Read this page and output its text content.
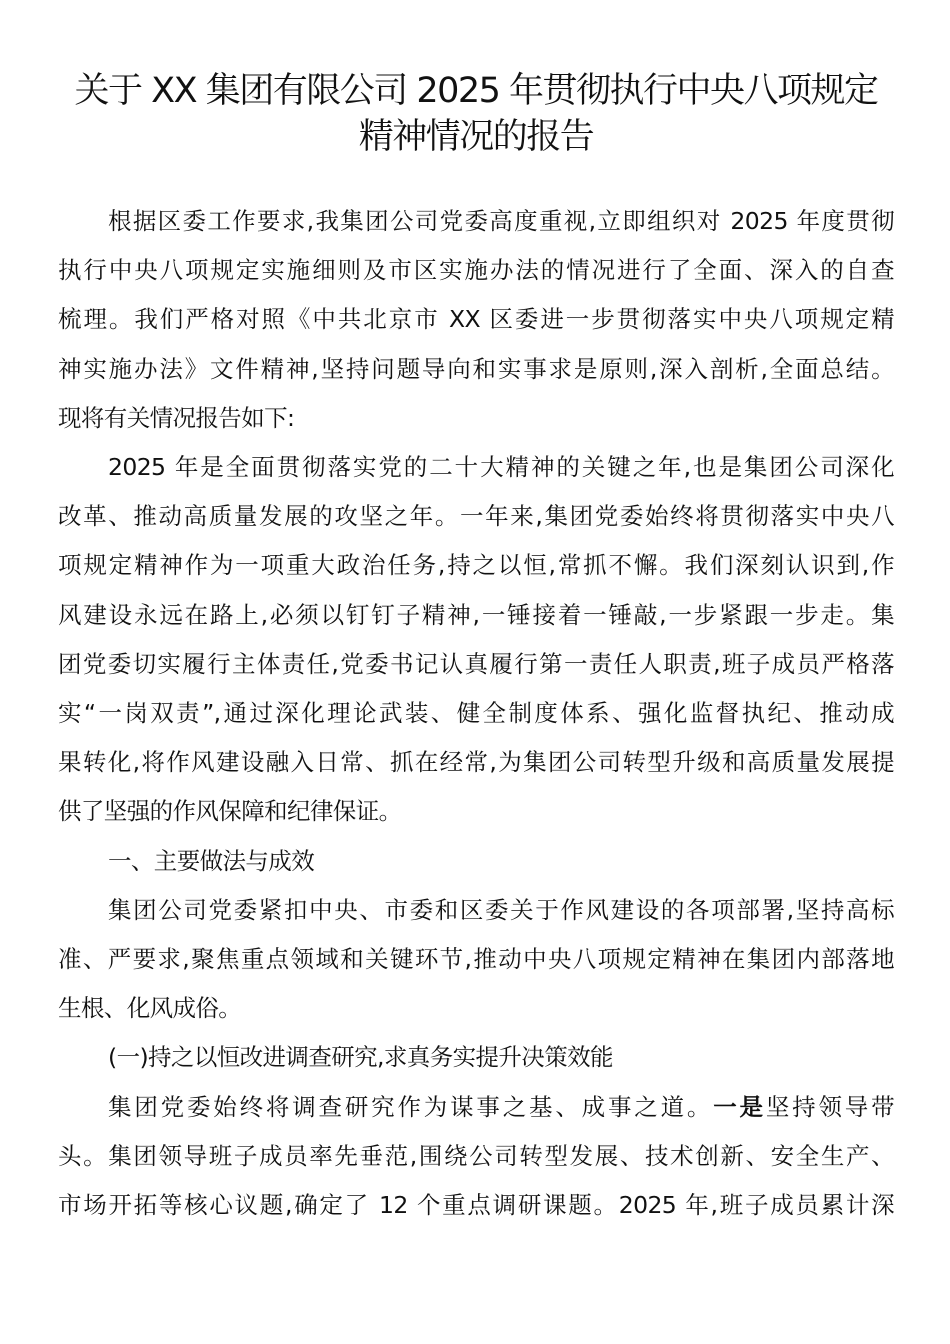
关于 XX 集团有限公司 2025 年贯彻执行中央八项规定
精神情况的报告
根据区委工作要求,我集团公司党委高度重视,立即组织对 2025 年度贯彻
执行中央八项规定实施细则及市区实施办法的情况进行了全面、深入的自查
梳理。我们严格对照《中共北京市 XX 区委进一步贯彻落实中央八项规定精
神实施办法》文件精神,坚持问题导向和实事求是原则,深入剖析,全面总结。
现将有关情况报告如下:
2025 年是全面贯彻落实党的二十大精神的关键之年,也是集团公司深化
改革、推动高质量发展的攻坚之年。一年来,集团党委始终将贯彻落实中央八
项规定精神作为一项重大政治任务,持之以恒,常抓不懈。我们深刻认识到,作
风建设永远在路上,必须以钉钉子精神,一锤接着一锤敲,一步紧跟一步走。集
团党委切实履行主体责任,党委书记认真履行第一责任人职责,班子成员严格落
实“一岗双责”,通过深化理论武装、健全制度体系、强化监督执纪、推动成
果转化,将作风建设融入日常、抓在经常,为集团公司转型升级和高质量发展提
供了坚强的作风保障和纪律保证。
一、主要做法与成效
集团公司党委紧扣中央、市委和区委关于作风建设的各项部署,坚持高标
准、严要求,聚焦重点领域和关键环节,推动中央八项规定精神在集团内部落地
生根、化风成俗。
(一)持之以恒改进调查研究,求真务实提升决策效能
集团党委始终将调查研究作为谋事之基、成事之道。一是坚持领导带
头。集团领导班子成员率先垂范,围绕公司转型发展、技术创新、安全生产、
市场开拓等核心议题,确定了 12 个重点调研课题。2025 年,班子成员累计深
